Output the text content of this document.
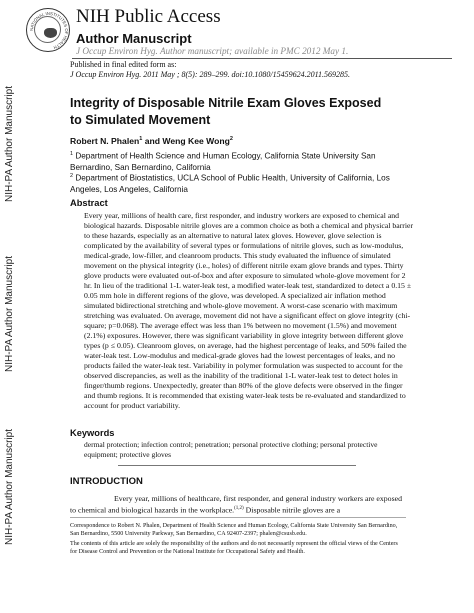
NATIONAL INSTITUTES OF HEALTH
NIH Public Access
Author Manuscript
J Occup Environ Hyg. Author manuscript; available in PMC 2012 May 1.
Published in final edited form as:
J Occup Environ Hyg. 2011 May ; 8(5): 289–299. doi:10.1080/15459624.2011.569285.
NIH-PA Author Manuscript
NIH-PA Author Manuscript
NIH-PA Author Manuscript
Integrity of Disposable Nitrile Exam Gloves Exposed to Simulated Movement
Robert N. Phalen$^1$ and Weng Kee Wong$^2$
$^1$ Department of Health Science and Human Ecology, California State University San Bernardino, San Bernardino, California
$^2$ Department of Biostatistics, UCLA School of Public Health, University of California, Los Angeles, Los Angeles, California
Abstract
Every year, millions of health care, first responder, and industry workers are exposed to chemical and biological hazards. Disposable nitrile gloves are a common choice as both a chemical and physical barrier to these hazards, especially as an alternative to natural latex gloves. However, glove selection is complicated by the availability of several types or formulations of nitrile gloves, such as low-modulus, medical-grade, low-filler, and cleanroom products. This study evaluated the influence of simulated movement on the physical integrity (i.e., holes) of different nitrile exam glove brands and types. Thirty glove products were evaluated out-of-box and after exposure to simulated whole-glove movement for 2 hr. In lieu of the traditional 1-L water-leak test, a modified water-leak test, standardized to detect a 0.15 ± 0.05 mm hole in different regions of the glove, was developed. A specialized air inflation method simulated bidirectional stretching and whole-glove movement. A worst-case scenario with maximum stretching was evaluated. On average, movement did not have a significant effect on glove integrity (chi-square; p=0.068). The average effect was less than 1% between no movement (1.5%) and movement (2.1%) exposures. However, there was significant variability in glove integrity between different glove types (p ≤ 0.05). Cleanroom gloves, on average, had the highest percentage of leaks, and 50% failed the water-leak test. Low-modulus and medical-grade gloves had the lowest percentages of leaks, and no products failed the water-leak test. Variability in polymer formulation was suspected to account for the observed discrepancies, as well as the inability of the traditional 1-L water-leak test to detect holes in finger/thumb regions. Unexpectedly, greater than 80% of the glove defects were observed in the finger and thumb regions. It is recommended that existing water-leak tests be re-evaluated and standardized to account for product variability.
Keywords
dermal protection; infection control; penetration; personal protective clothing; personal protective equipment; protective gloves
INTRODUCTION
Every year, millions of healthcare, first responder, and general industry workers are exposed to chemical and biological hazards in the workplace.$^{(1,2)}$ Disposable nitrile gloves are a
Correspondence to Robert N. Phalen, Department of Health Science and Human Ecology, California State University San Bernardino, San Bernardino, 5500 University Parkway, San Bernardino, CA 92407-2397; phalen@csusb.edu.
The contents of this article are solely the responsibility of the authors and do not necessarily represent the official views of the Centers for Disease Control and Prevention or the National Institute for Occupational Safety and Health.
